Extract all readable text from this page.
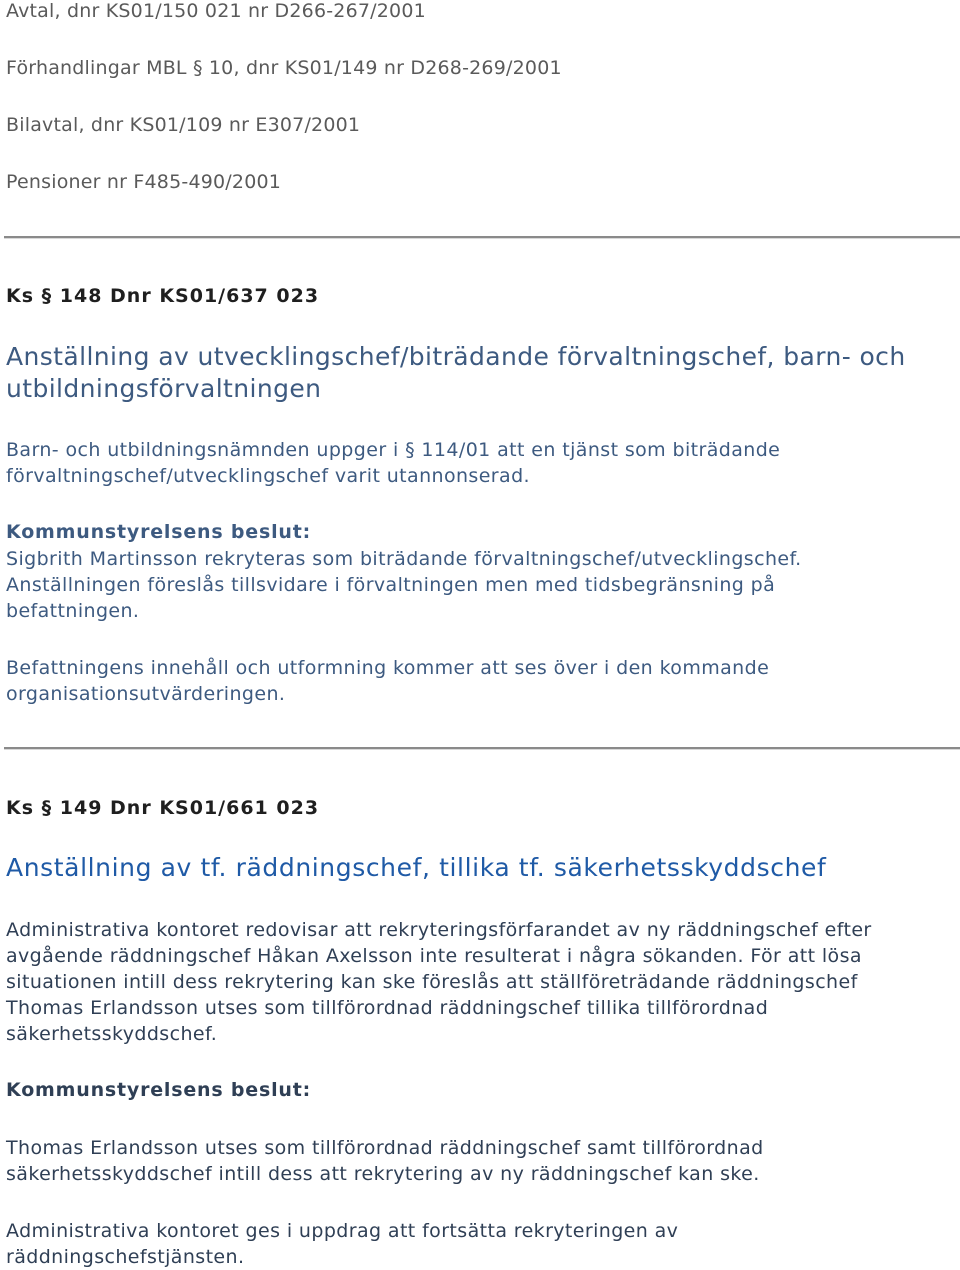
Avtal, dnr KS01/150 021 nr D266-267/2001

Förhandlingar MBL § 10, dnr KS01/149 nr D268-269/2001

Bilavtal, dnr KS01/109 nr E307/2001

Pensioner nr F485-490/2001

Ks § 148 Dnr KS01/637 023

Anställning av utvecklingschef/biträdande förvaltningschef, barn- och

utbildningsförvaltningen

Barn- och utbildningsnämnden uppger i § 114/01 att en tjänst som biträdande

förvaltningschef/utvecklingschef varit utannonserad.

Kommunstyrelsens beslut:

Sigbrith Martinsson rekryteras som biträdande förvaltningschef/utvecklingschef.

Anställningen föreslås tillsvidare i förvaltningen men med tidsbegränsning på

befattningen.

Befattningens innehåll och utformning kommer att ses över i den kommande

organisationsutvärderingen.

Ks § 149 Dnr KS01/661 023

Anställning av tf. räddningschef, tillika tf. säkerhetsskyddschef

Administrativa kontoret redovisar att rekryteringsförfarandet av ny räddningschef efter

avgående räddningschef Håkan Axelsson inte resulterat i några sökanden. För att lösa

situationen intill dess rekrytering kan ske föreslås att ställföreträdande räddningschef

Thomas Erlandsson utses som tillförordnad räddningschef tillika tillförordnad

säkerhetsskyddschef.

Kommunstyrelsens beslut:

Thomas Erlandsson utses som tillförordnad räddningschef samt tillförordnad

säkerhetsskyddschef intill dess att rekrytering av ny räddningschef kan ske.

Administrativa kontoret ges i uppdrag att fortsätta rekryteringen av

räddningschefstjänsten.
